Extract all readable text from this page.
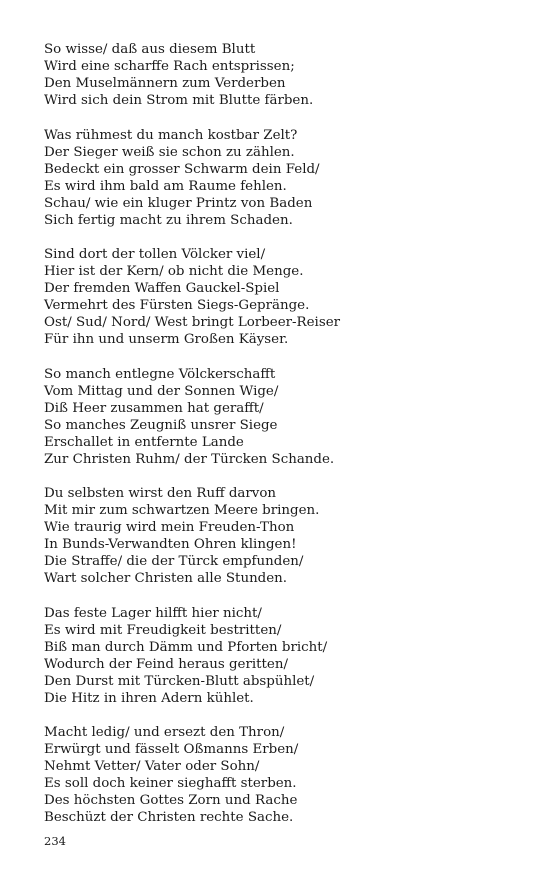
So wisse/ daß aus diesem Blutt
Wird eine scharffe Rach entsprissen;
Den Muselmännern zum Verderben
Wird sich dein Strom mit Blutte färben.
Was rühmest du manch kostbar Zelt?
Der Sieger weiß sie schon zu zählen.
Bedeckt ein grosser Schwarm dein Feld/
Es wird ihm bald am Raume fehlen.
Schau/ wie ein kluger Printz von Baden
Sich fertig macht zu ihrem Schaden.
Sind dort der tollen Völcker viel/
Hier ist der Kern/ ob nicht die Menge.
Der fremden Waffen Gauckel-Spiel
Vermehrt des Fürsten Siegs-Gepränge.
Ost/ Sud/ Nord/ West bringt Lorbeer-Reiser
Für ihn und unserm Großen Käyser.
So manch entlegne Völckerschafft
Vom Mittag und der Sonnen Wige/
Diß Heer zusammen hat gerafft/
So manches Zeugniß unsrer Siege
Erschallet in entfernte Lande
Zur Christen Ruhm/ der Türcken Schande.
Du selbsten wirst den Ruff darvon
Mit mir zum schwartzen Meere bringen.
Wie traurig wird mein Freuden-Thon
In Bunds-Verwandten Ohren klingen!
Die Straffe/ die der Türck empfunden/
Wart solcher Christen alle Stunden.
Das feste Lager hilfft hier nicht/
Es wird mit Freudigkeit bestritten/
Biß man durch Dämm und Pforten bricht/
Wodurch der Feind heraus geritten/
Den Durst mit Türcken-Blutt abspühlet/
Die Hitz in ihren Adern kühlet.
Macht ledig/ und ersezt den Thron/
Erwürgt und fässelt Oßmanns Erben/
Nehmt Vetter/ Vater oder Sohn/
Es soll doch keiner sieghafft sterben.
Des höchsten Gottes Zorn und Rache
Beschüzt der Christen rechte Sache.
234
